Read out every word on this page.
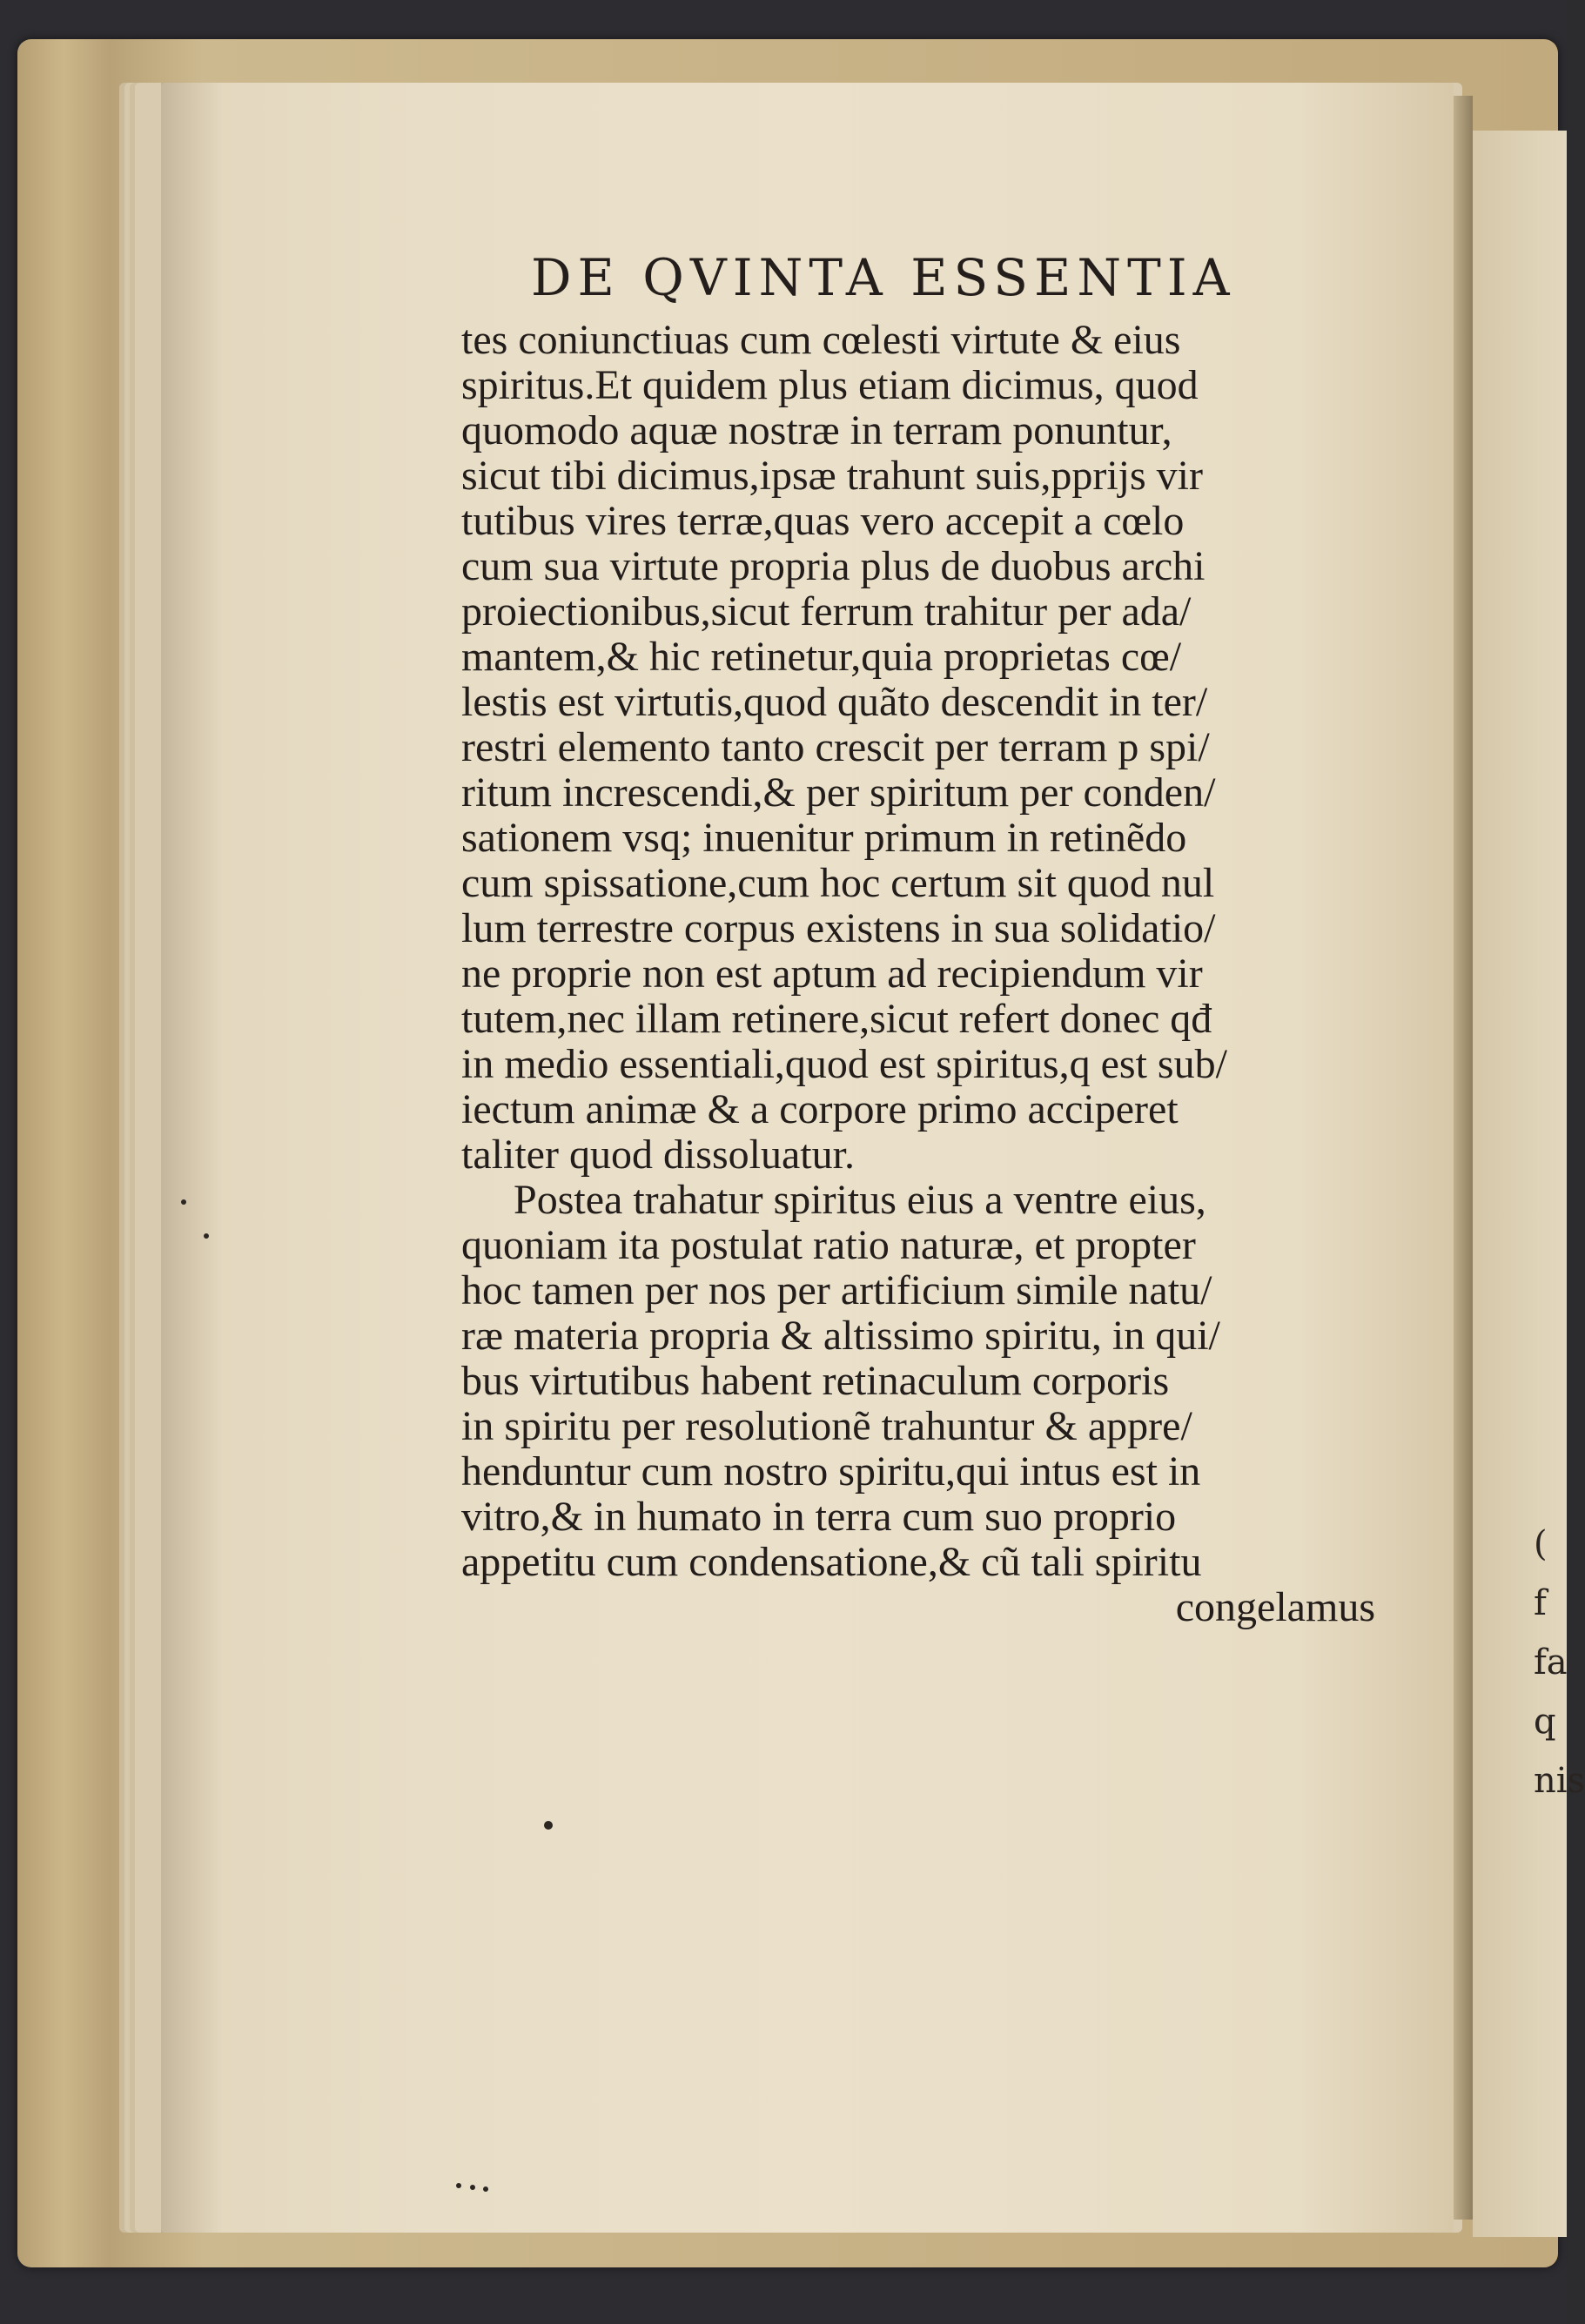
(
f
fa
q
nis
DE QVINTA ESSENTIA
tes coniunctiuas cum cœlesti virtute & eius
spiritus.Et quidem plus etiam dicimus, quod
quomodo aquæ nostræ in terram ponuntur,
sicut tibi dicimus,ipsæ trahunt suis,pprijs vir
tutibus vires terræ,quas vero accepit a cœlo
cum sua virtute propria plus de duobus archi
proiectionibus,sicut ferrum trahitur per ada/
mantem,& hic retinetur,quia proprietas cœ/
lestis est virtutis,quod quãto descendit in ter/
restri elemento tanto crescit per terram p spi/
ritum increscendi,& per spiritum per conden/
sationem vsq; inuenitur primum in retinẽdo
cum spissatione,cum hoc certum sit quod nul
lum terrestre corpus existens in sua solidatio/
ne proprie non est aptum ad recipiendum vir
tutem,nec illam retinere,sicut refert donec qđ
in medio essentiali,quod est spiritus,q est sub/
iectum animæ & a corpore primo acciperet
taliter quod dissoluatur.
Postea trahatur spiritus eius a ventre eius,
quoniam ita postulat ratio naturæ, et propter
hoc tamen per nos per artificium simile natu/
ræ materia propria & altissimo spiritu, in qui/
bus virtutibus habent retinaculum corporis
in spiritu per resolutionẽ trahuntur & appre/
henduntur cum nostro spiritu,qui intus est in
vitro,& in humato in terra cum suo proprio
appetitu cum condensatione,& cũ tali spiritu
congelamus
